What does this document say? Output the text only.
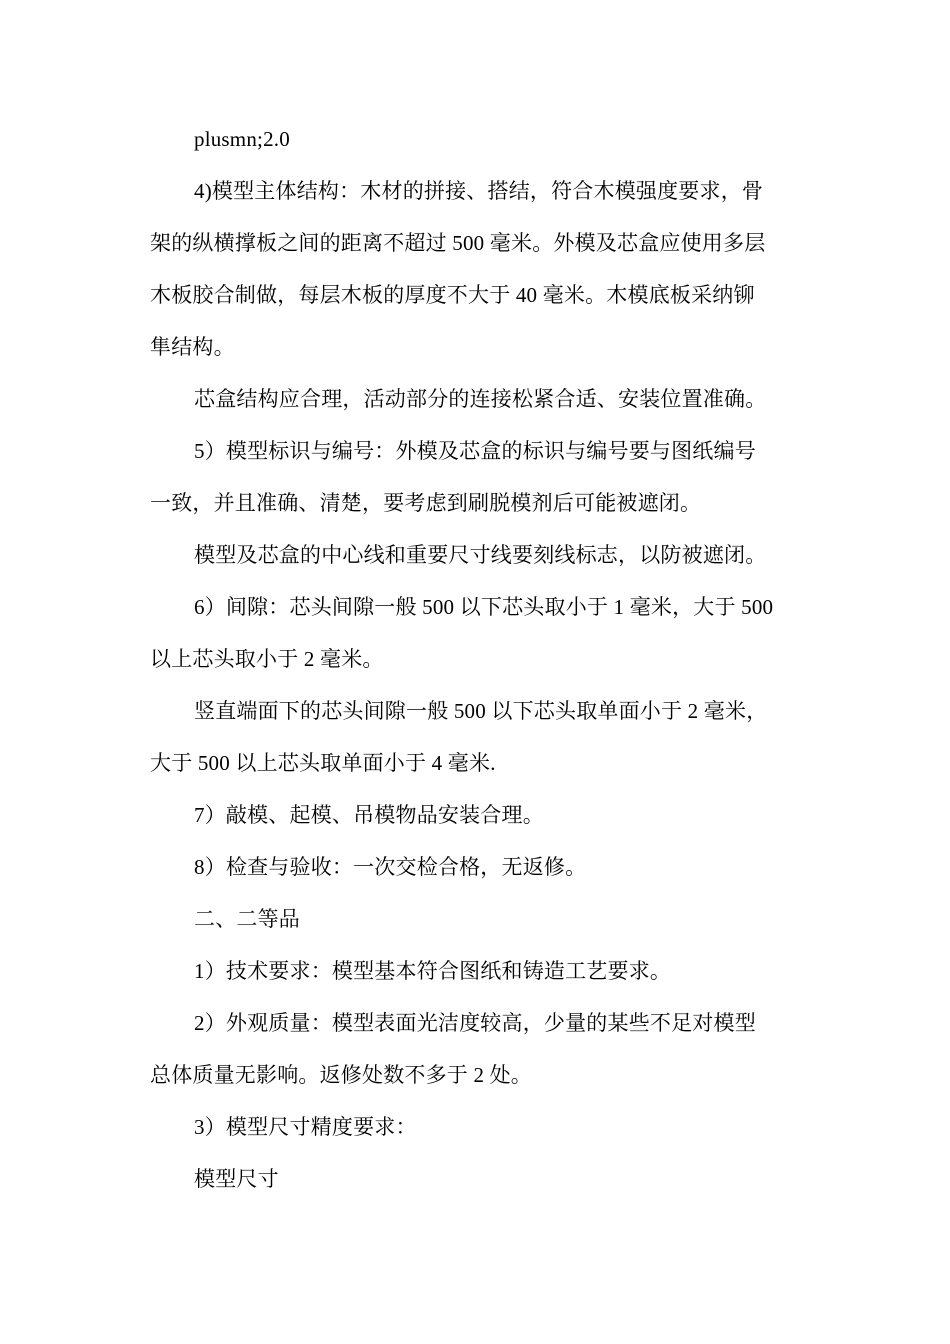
plusmn;2.0
4)模型主体结构：木材的拼接、搭结，符合木模强度要求，骨
架的纵横撑板之间的距离不超过 500 毫米。外模及芯盒应使用多层
木板胶合制做，每层木板的厚度不大于 40 毫米。木模底板采纳铆
隼结构。
芯盒结构应合理，活动部分的连接松紧合适、安装位置准确。
5）模型标识与编号：外模及芯盒的标识与编号要与图纸编号
一致，并且准确、清楚，要考虑到刷脱模剂后可能被遮闭。
模型及芯盒的中心线和重要尺寸线要刻线标志，以防被遮闭。
6）间隙：芯头间隙一般 500 以下芯头取小于 1 毫米，大于 500
以上芯头取小于 2 毫米。
竖直端面下的芯头间隙一般 500 以下芯头取单面小于 2 毫米，
大于 500 以上芯头取单面小于 4 毫米.
7）敲模、起模、吊模物品安装合理。
8）检查与验收：一次交检合格，无返修。
二、二等品
1）技术要求：模型基本符合图纸和铸造工艺要求。
2）外观质量：模型表面光洁度较高，少量的某些不足对模型
总体质量无影响。返修处数不多于 2 处。
3）模型尺寸精度要求：
模型尺寸
